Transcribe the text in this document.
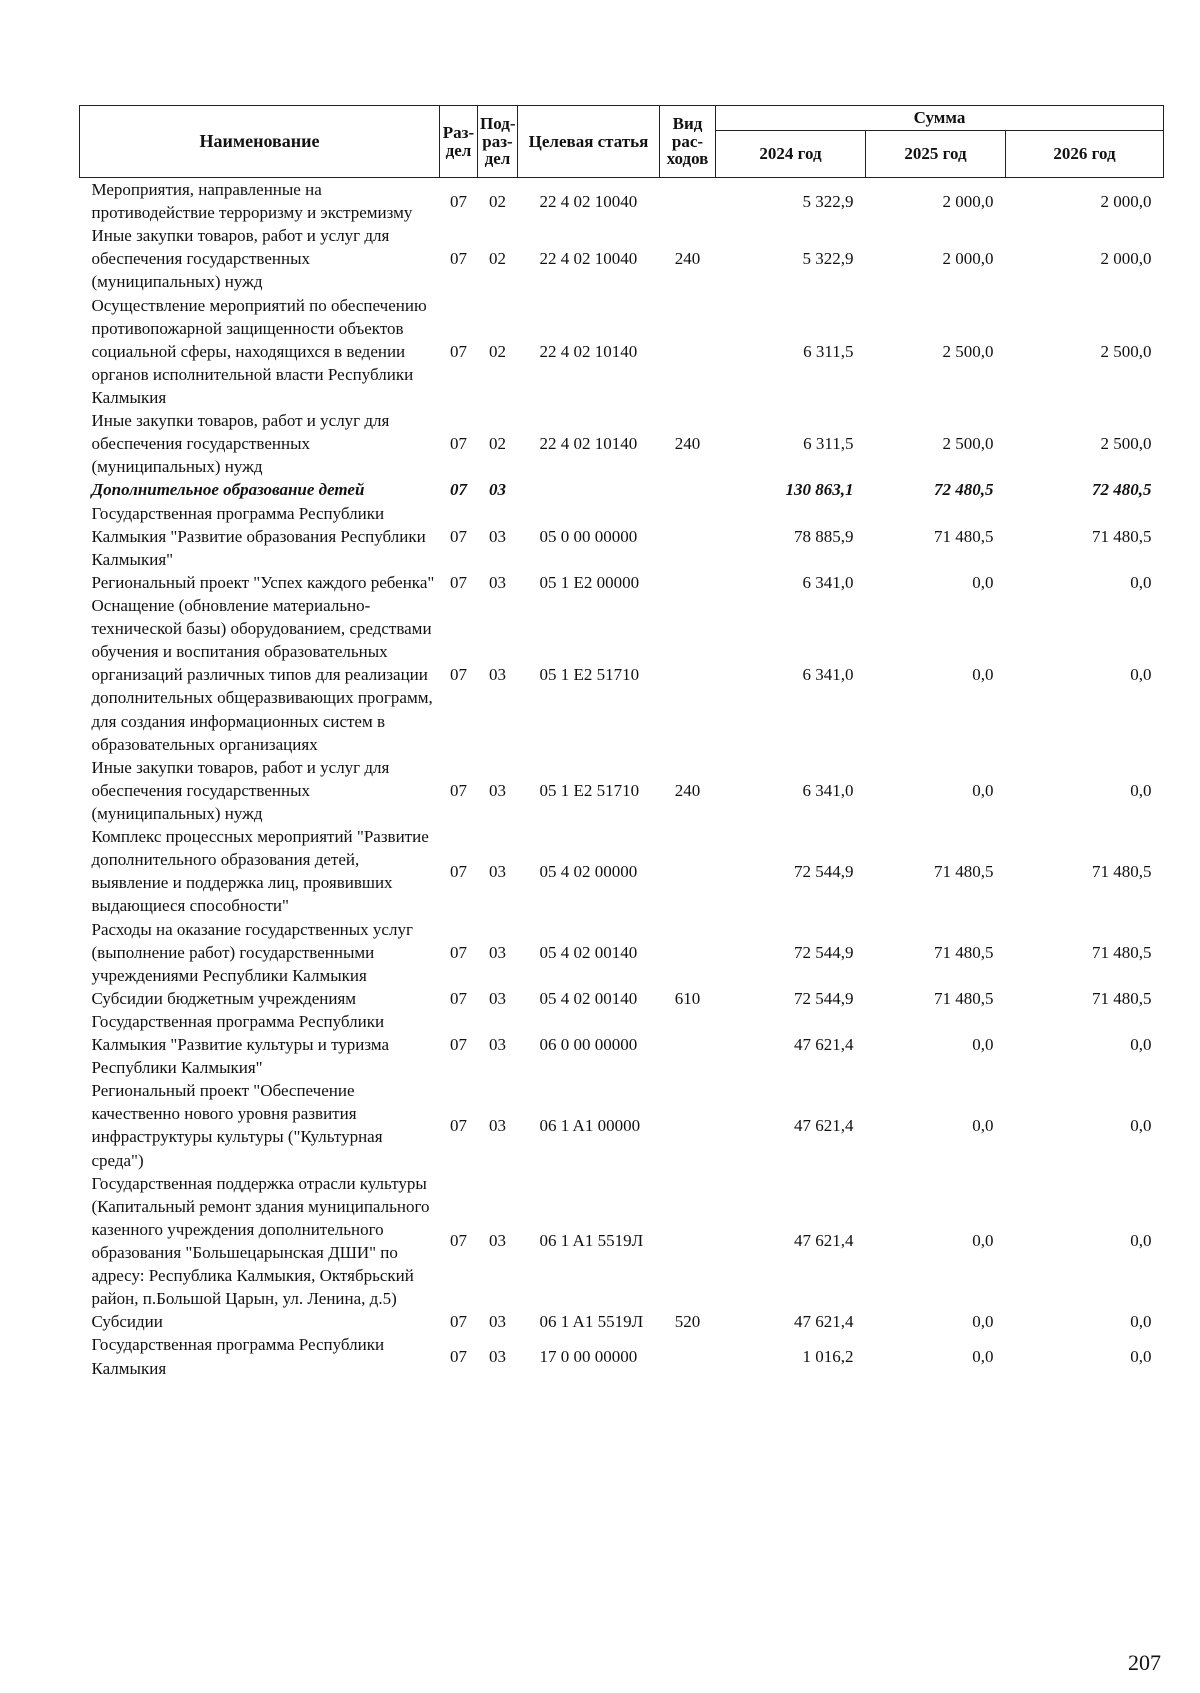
Наименование	Раз-дел	Под-раз-дел	Целевая статья	Вид рас-ходов	Сумма		
					2024 год	2025 год	2026 год
Мероприятия, направленные на противодействие терроризму и экстремизму	07	02	22 4 02 10040		5 322,9	2 000,0	2 000,0
Иные закупки товаров, работ и услуг для обеспечения государственных (муниципальных) нужд	07	02	22 4 02 10040	240	5 322,9	2 000,0	2 000,0
Осуществление мероприятий по обеспечению противопожарной защищенности объектов социальной сферы, находящихся в ведении органов исполнительной власти Республики Калмыкия	07	02	22 4 02 10140		6 311,5	2 500,0	2 500,0
Иные закупки товаров, работ и услуг для обеспечения государственных (муниципальных) нужд	07	02	22 4 02 10140	240	6 311,5	2 500,0	2 500,0
Дополнительное образование детей	07	03			130 863,1	72 480,5	72 480,5
Государственная программа Республики Калмыкия "Развитие образования Республики Калмыкия"	07	03	05 0 00 00000		78 885,9	71 480,5	71 480,5
Региональный проект "Успех каждого ребенка"	07	03	05 1 E2 00000		6 341,0	0,0	0,0
Оснащение (обновление материально-технической базы) оборудованием, средствами обучения и воспитания образовательных организаций различных типов для реализации дополнительных общеразвивающих программ, для создания информационных систем в образовательных организациях	07	03	05 1 E2 51710		6 341,0	0,0	0,0
Иные закупки товаров, работ и услуг для обеспечения государственных (муниципальных) нужд	07	03	05 1 E2 51710	240	6 341,0	0,0	0,0
Комплекс процессных мероприятий "Развитие дополнительного образования детей, выявление и поддержка лиц, проявивших выдающиеся способности"	07	03	05 4 02 00000		72 544,9	71 480,5	71 480,5
Расходы на оказание государственных услуг (выполнение работ) государственными учреждениями Республики Калмыкия	07	03	05 4 02 00140		72 544,9	71 480,5	71 480,5
Субсидии бюджетным учреждениям	07	03	05 4 02 00140	610	72 544,9	71 480,5	71 480,5
Государственная программа Республики Калмыкия "Развитие культуры и туризма Республики Калмыкия"	07	03	06 0 00 00000		47 621,4	0,0	0,0
Региональный проект "Обеспечение качественно нового уровня развития инфраструктуры культуры ("Культурная среда")	07	03	06 1 A1 00000		47 621,4	0,0	0,0
Государственная поддержка отрасли культуры (Капитальный ремонт здания муниципального казенного учреждения дополнительного образования "Большецарынская ДШИ" по адресу: Республика Калмыкия, Октябрьский район, п.Большой Царын, ул. Ленина, д.5)	07	03	06 1 A1 5519Л		47 621,4	0,0	0,0
Субсидии	07	03	06 1 A1 5519Л	520	47 621,4	0,0	0,0
Государственная программа Республики Калмыкия	07	03	17 0 00 00000		1 016,2	0,0	0,0
207
